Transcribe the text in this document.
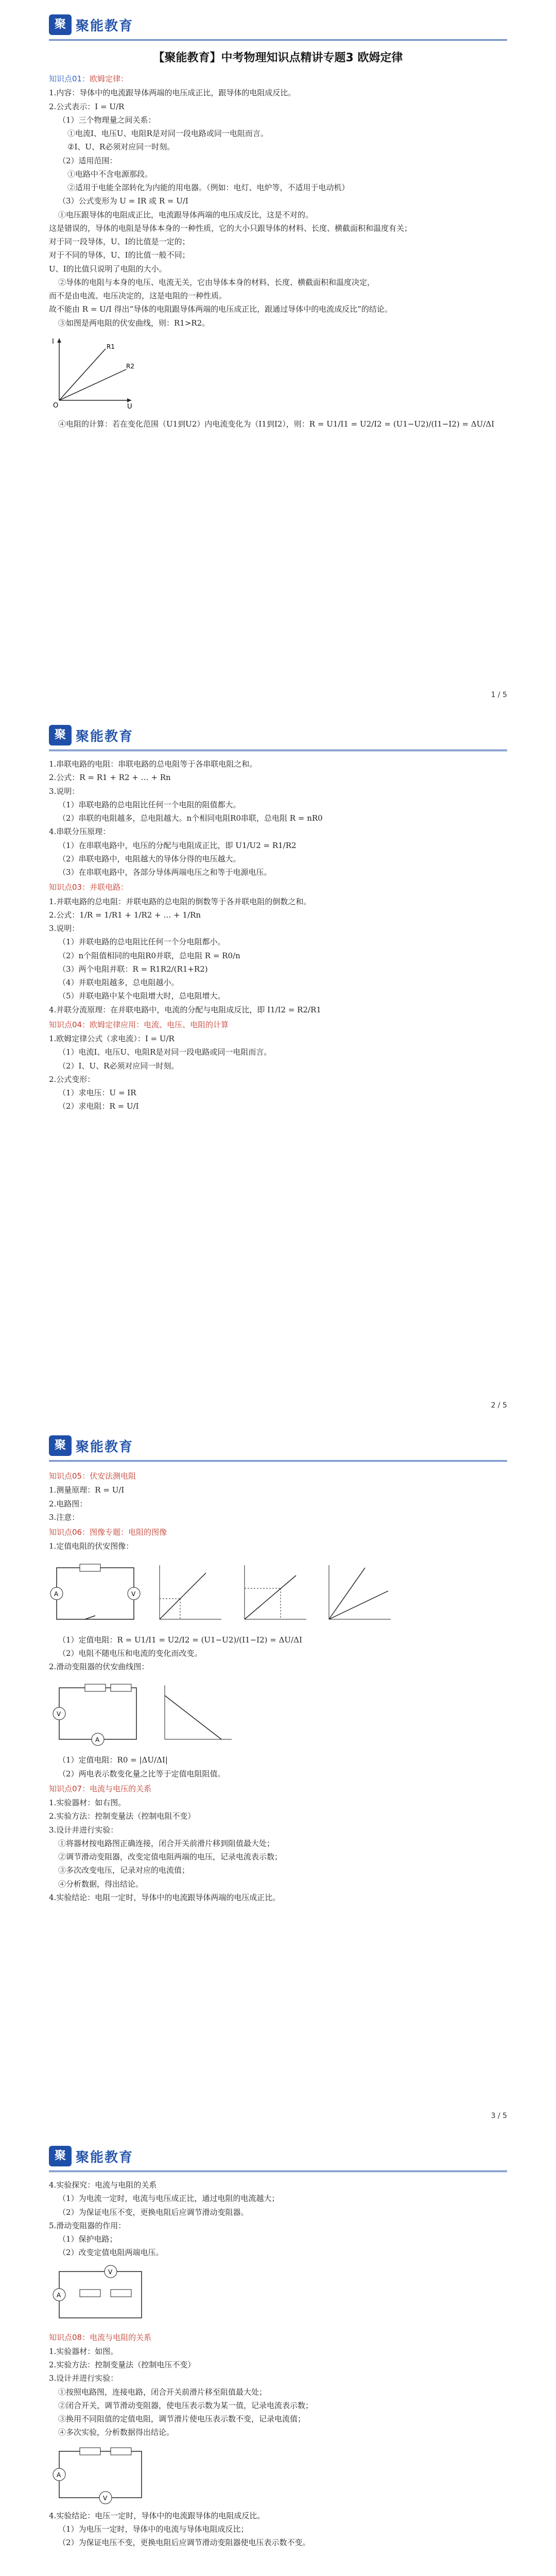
聚 聚能教育
【聚能教育】中考物理知识点精讲专题3 欧姆定律
知识点01：欧姆定律：

1.内容：导体中的电流跟导体两端的电压成正比，跟导体的电阻成反比。

2.公式表示：I = U/R

（1）三个物理量之间关系：

①电流I、电压U、电阻R是对同一段电路或同一电阻而言。

②I、U、R必须对应同一时刻。

（2）适用范围：

①电路中不含电源那段。

②适用于电能全部转化为内能的用电器。（例如：电灯、电炉等，不适用于电动机）

（3）公式变形为 U = IR 或 R = U/I

①电压跟导体的电阻成正比，电流跟导体两端的电压成反比，这是不对的。

这是错误的，导体的电阻是导体本身的一种性质，它的大小只跟导体的材料、长度、横截面积和温度有关；

对于同一段导体，U、I的比值是一定的；

对于不同的导体，U、I的比值一般不同；

U、I的比值只说明了电阻的大小。

②导体的电阻与本身的电压、电流无关，它由导体本身的材料、长度、横截面积和温度决定，

而不是由电流、电压决定的，这是电阻的一种性质。

故不能由 R = U/I 得出“导体的电阻跟导体两端的电压成正比，跟通过导体中的电流成反比”的结论。

③如图是两电阻的伏安曲线，则：R1>R2。

I
U
O
R1
R2

④电阻的计算：若在变化范围（U1到U2）内电流变化为（I1到I2），则：R = U1/I1 = U2/I2 = (U1−U2)/(I1−I2) = ΔU/ΔI

1 / 5
聚 聚能教育

1.串联电路的电阻：串联电路的总电阻等于各串联电阻之和。

2.公式：R = R1 + R2 + … + Rn

3.说明：

（1）串联电路的总电阻比任何一个电阻的阻值都大。

（2）串联的电阻越多，总电阻越大。n个相同电阻R0串联，总电阻 R = nR0

4.串联分压原理：

（1）在串联电路中，电压的分配与电阻成正比，即 U1/U2 = R1/R2

（2）串联电路中，电阻越大的导体分得的电压越大。

（3）在串联电路中，各部分导体两端电压之和等于电源电压。

知识点03：并联电路：

1.并联电路的总电阻：并联电路的总电阻的倒数等于各并联电阻的倒数之和。

2.公式：1/R = 1/R1 + 1/R2 + … + 1/Rn

3.说明：

（1）并联电路的总电阻比任何一个分电阻都小。

（2）n个阻值相同的电阻R0并联，总电阻 R = R0/n

（3）两个电阻并联：R = R1R2/(R1+R2)

（4）并联电阻越多，总电阻越小。

（5）并联电路中某个电阻增大时，总电阻增大。

4.并联分流原理：在并联电路中，电流的分配与电阻成反比，即 I1/I2 = R2/R1

知识点04：欧姆定律应用：电流、电压、电阻的计算

1.欧姆定律公式（求电流）：I = U/R

（1）电流I、电压U、电阻R是对同一段电路或同一电阻而言。

（2）I、U、R必须对应同一时刻。

2.公式变形：

（1）求电压：U = IR

（2）求电阻：R = U/I

2 / 5
聚 聚能教育
知识点05：伏安法测电阻

1.测量原理：R = U/I

2.电路图：

3.注意：

知识点06：图像专题：电阻的图像

1.定值电阻的伏安图像：

A	V

（1）定值电阻：R = U1/I1 = U2/I2 = (U1−U2)/(I1−I2) = ΔU/ΔI

（2）电阻不随电压和电流的变化而改变。

2.滑动变阻器的伏安曲线图：

V
A

（1）定值电阻：R0 = |ΔU/ΔI|

（2）两电表示数变化量之比等于定值电阻阻值。

知识点07：电流与电压的关系

1.实验器材：如右图。

2.实验方法：控制变量法（控制电阻不变）

3.设计并进行实验：

①将器材按电路图正确连接，闭合开关前滑片移到阻值最大处；

②调节滑动变阻器，改变定值电阻两端的电压，记录电流表示数；

③多次改变电压，记录对应的电流值；

④分析数据，得出结论。

4.实验结论：电阻一定时，导体中的电流跟导体两端的电压成正比。

3 / 5
聚 聚能教育

4.实验探究：电流与电阻的关系

（1）为电流一定时，电流与电压成正比，通过电阻的电流越大；

（2）为保证电压不变，更换电阻后应调节滑动变阻器。

5.滑动变阻器的作用：

（1）保护电路；

（2）改变定值电阻两端电压。

A
V
知识点08：电流与电阻的关系

1.实验器材：如图。

2.实验方法：控制变量法（控制电压不变）

3.设计并进行实验：

①按照电路图，连接电路，闭合开关前滑片移至阻值最大处；

②闭合开关，调节滑动变阻器，使电压表示数为某一值，记录电流表示数；

③换用不同阻值的定值电阻，调节滑片使电压表示数不变，记录电流值；

④多次实验，分析数据得出结论。

A
V

4.实验结论：电压一定时，导体中的电流跟导体的电阻成反比。

（1）为电压一定时，导体中的电流与导体电阻成反比；

（2）为保证电压不变，更换电阻后应调节滑动变阻器使电压表示数不变。
